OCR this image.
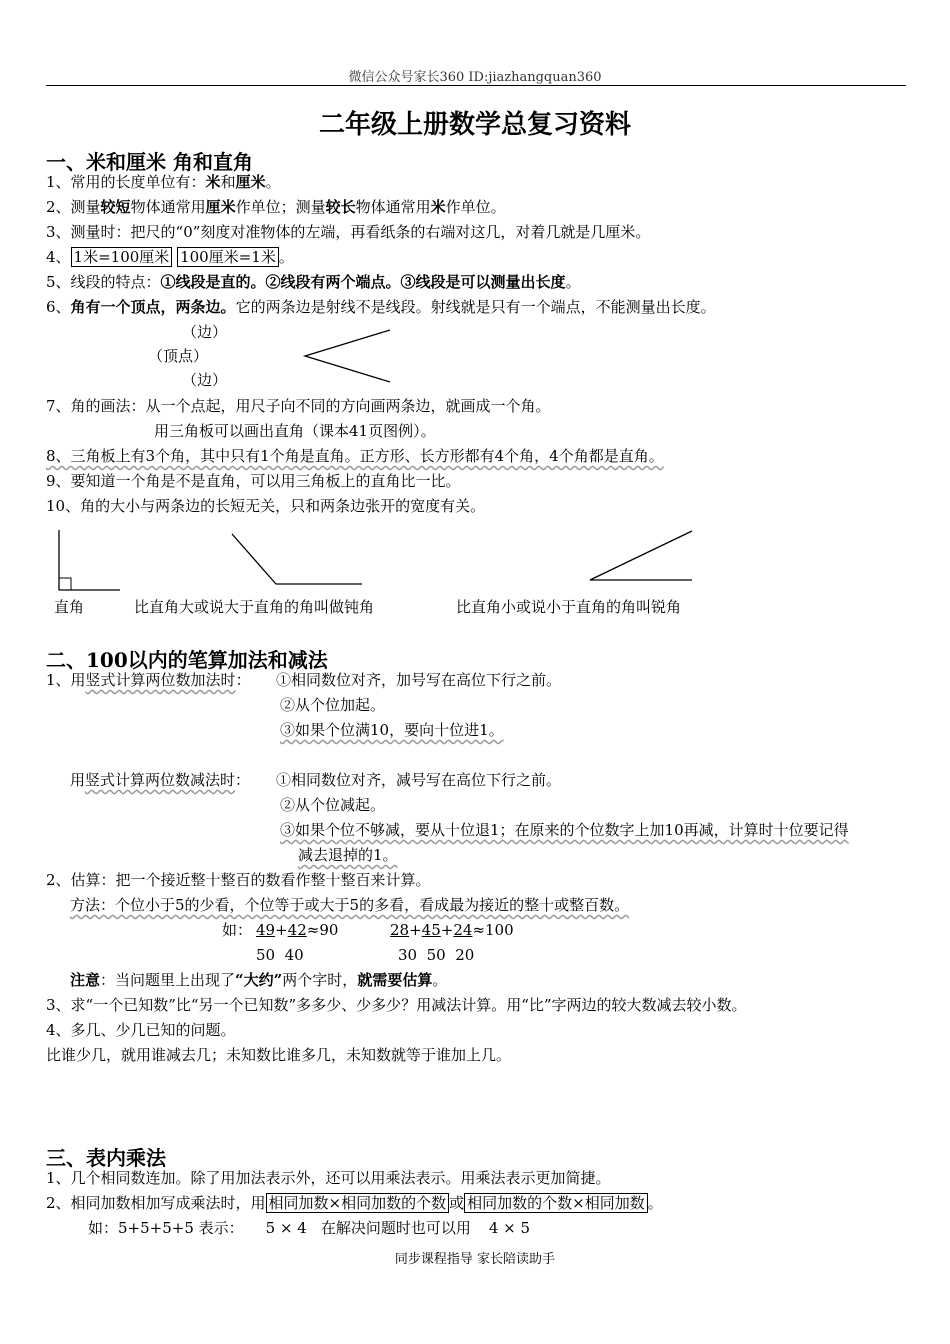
微信公众号家长360 ID:jiazhangquan360
二年级上册数学总复习资料
一、米和厘米 角和直角
1、常用的长度单位有：米和厘米。
2、测量较短物体通常用厘米作单位；测量较长物体通常用米作单位。
3、测量时：把尺的“0”刻度对准物体的左端，再看纸条的右端对这几，对着几就是几厘米。
4、 1米=100厘米 100厘米=1米 。
5、线段的特点：①线段是直的。②线段有两个端点。③线段是可以测量出长度。
6、角有一个顶点，两条边。它的两条边是射线不是线段。射线就是只有一个端点，不能测量出长度。
（边）
（顶点）
（边）
7、角的画法：从一个点起，用尺子向不同的方向画两条边，就画成一个角。
用三角板可以画出直角（课本41页图例）。
8、三角板上有3个角，其中只有1个角是直角。正方形、长方形都有4个角，4个角都是直角。
9、要知道一个角是不是直角，可以用三角板上的直角比一比。
10、角的大小与两条边的长短无关，只和两条边张开的宽度有关。
直角	比直角大或说大于直角的角叫做钝角	比直角小或说小于直角的角叫锐角
二、100以内的笔算加法和减法
1、用竖式计算两位数加法时： ①相同数位对齐，加号写在高位下行之前。
②从个位加起。
③如果个位满10，要向十位进1。
用竖式计算两位数减法时： ①相同数位对齐，减号写在高位下行之前。
②从个位减起。
③如果个位不够减，要从十位退1；在原来的个位数字上加10再减，计算时十位要记得
减去退掉的1。
2、估算：把一个接近整十整百的数看作整十整百来计算。
方法：个位小于5的少看，个位等于或大于5的多看，看成最为接近的整十或整百数。
如： 49+42≈90	28+45+24≈100
50  40	30  50  20
注意：当问题里上出现了“大约”两个字时，就需要估算。
3、求“一个已知数”比“另一个已知数”多多少、少多少？用减法计算。用“比”字两边的较大数减去较小数。
4、多几、少几已知的问题。
比谁少几，就用谁减去几；未知数比谁多几，未知数就等于谁加上几。
三、表内乘法
1、几个相同数连加。除了用加法表示外，还可以用乘法表示。用乘法表示更加简捷。
2、相同加数相加写成乘法时，用 相同加数×相同加数的个数 或 相同加数的个数×相同加数 。
如：5+5+5+5 表示： 5 × 4 在解决问题时也可以用 4 × 5
同步课程指导 家长陪读助手
